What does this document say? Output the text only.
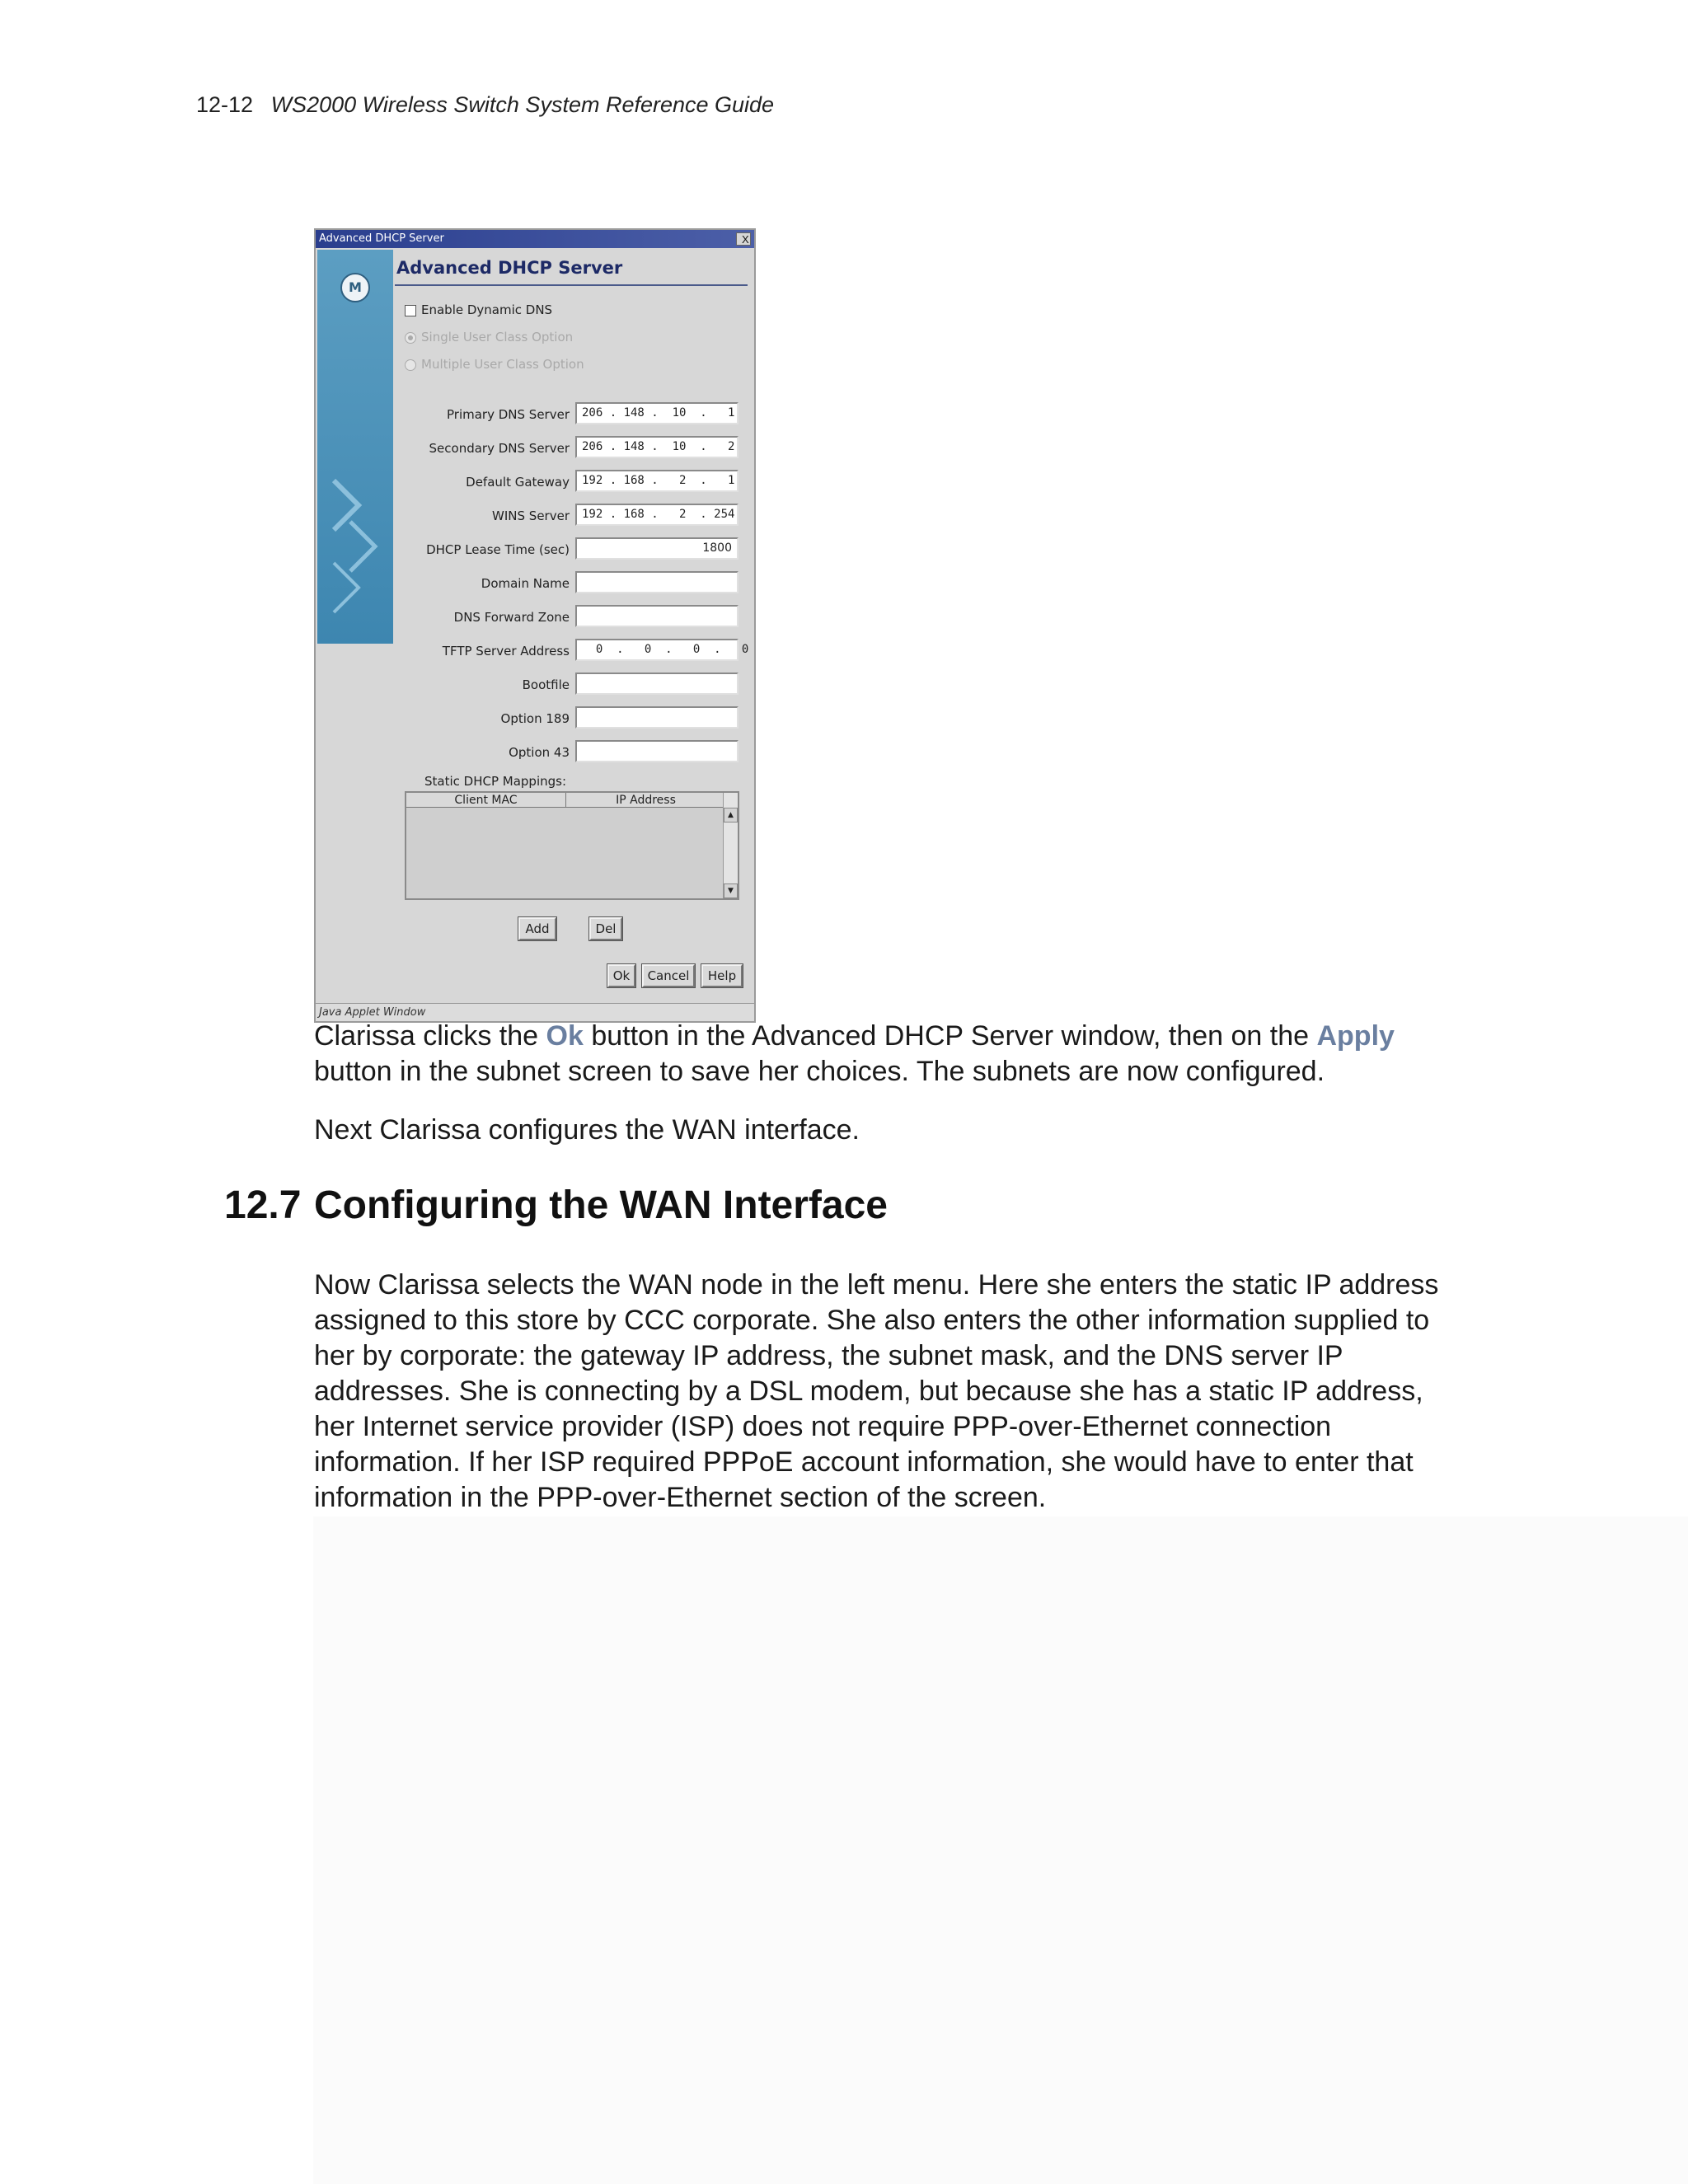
12-12 WS2000 Wireless Switch System Reference Guide
Advanced DHCP Server	X
M
Advanced DHCP Server
Enable Dynamic DNS
Single User Class Option
Multiple User Class Option
Primary DNS Server	206 . 148 .  10  .   1
Secondary DNS Server	206 . 148 .  10  .   2
Default Gateway	192 . 168 .   2  .   1
WINS Server	192 . 168 .   2  . 254
DHCP Lease Time (sec)	1800
Domain Name
DNS Forward Zone
TFTP Server Address	0  .   0  .   0  .   0
Bootfile
Option 189
Option 43
Static DHCP Mappings:
Client MAC	IP Address
▲
▼
Add	Del
Ok	Cancel	Help
Java Applet Window
Clarissa clicks the Ok button in the Advanced DHCP Server window, then on the Apply button in the subnet screen to save her choices. The subnets are now configured.
Next Clarissa configures the WAN interface.
12.7 Configuring the WAN Interface
Now Clarissa selects the WAN node in the left menu. Here she enters the static IP address assigned to this store by CCC corporate. She also enters the other information supplied to her by corporate: the gateway IP address, the subnet mask, and the DNS server IP addresses. She is connecting by a DSL modem, but because she has a static IP address, her Internet service provider (ISP) does not require PPP-over-Ethernet connection information. If her ISP required PPPoE account information, she would have to enter that information in the PPP-over-Ethernet section of the screen.
